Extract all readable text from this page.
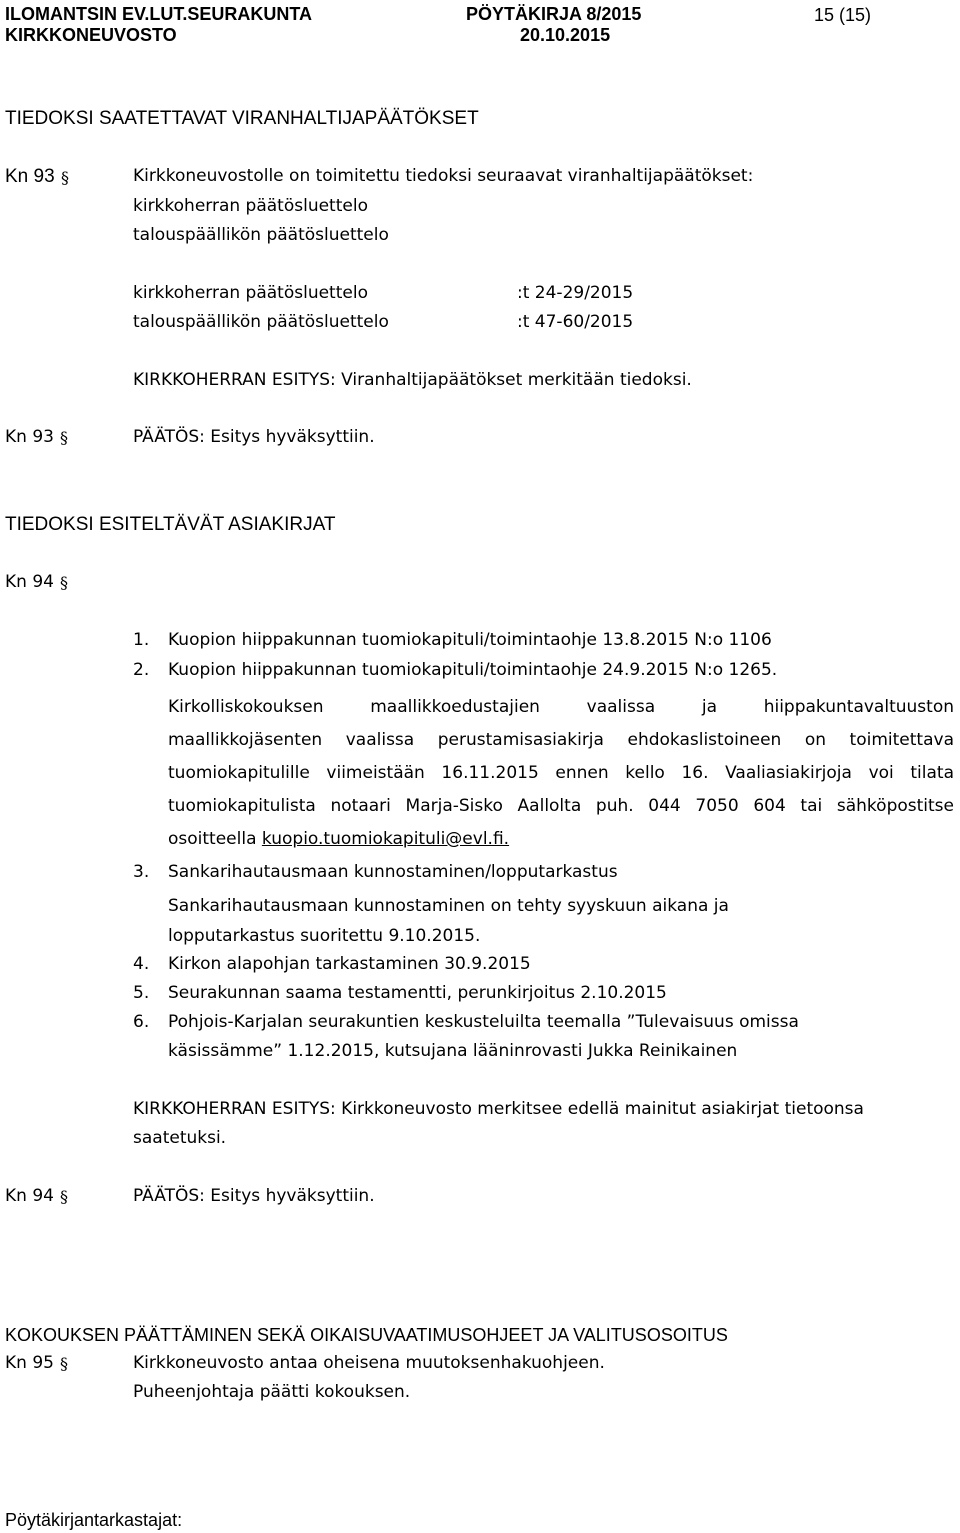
ILOMANTSIN EV.LUT.SEURAKUNTA
KIRKKONEUVOSTO
PÖYTÄKIRJA 8/2015
20.10.2015
15 (15)
TIEDOKSI SAATETTAVAT VIRANHALTIJAPÄÄTÖKSET
Kn 93 §	Kirkkoneuvostolle on toimitettu tiedoksi seuraavat viranhaltijapäätökset:
kirkkoherran päätösluettelo
talouspäällikön päätösluettelo
kirkkoherran päätösluettelo	:t 24-29/2015
talouspäällikön päätösluettelo	:t 47-60/2015
KIRKKOHERRAN ESITYS: Viranhaltijapäätökset merkitään tiedoksi.
Kn 93 §	PÄÄTÖS: Esitys hyväksyttiin.
TIEDOKSI ESITELTÄVÄT ASIAKIRJAT
Kn 94 §
1. Kuopion hiippakunnan tuomiokapituli/toimintaohje 13.8.2015 N:o 1106
2. Kuopion hiippakunnan tuomiokapituli/toimintaohje 24.9.2015 N:o 1265.
Kirkolliskokouksen maallikkoedustajien vaalissa ja hiippakuntavaltuuston
maallikkojäsenten vaalissa perustamisasiakirja ehdokaslistoineen on toimitettava
tuomiokapitulille viimeistään 16.11.2015 ennen kello 16. Vaaliasiakirjoja voi tilata
tuomiokapitulista notaari Marja-Sisko Aallolta puh. 044 7050 604 tai sähköpostitse
osoitteella kuopio.tuomiokapituli@evl.fi.
3. Sankarihautausmaan kunnostaminen/lopputarkastus
Sankarihautausmaan kunnostaminen on tehty syyskuun aikana ja
lopputarkastus suoritettu 9.10.2015.
4. Kirkon alapohjan tarkastaminen 30.9.2015
5. Seurakunnan saama testamentti, perunkirjoitus 2.10.2015
6. Pohjois-Karjalan seurakuntien keskusteluilta teemalla ”Tulevaisuus omissa
käsissämme” 1.12.2015, kutsujana lääninrovasti Jukka Reinikainen
KIRKKOHERRAN ESITYS: Kirkkoneuvosto merkitsee edellä mainitut asiakirjat tietoonsa
saatetuksi.
Kn 94 §	PÄÄTÖS: Esitys hyväksyttiin.
KOKOUKSEN PÄÄTTÄMINEN SEKÄ OIKAISUVAATIMUSOHJEET JA VALITUSOSOITUS
Kn 95 §	Kirkkoneuvosto antaa oheisena muutoksenhakuohjeen.
Puheenjohtaja päätti kokouksen.
Pöytäkirjantarkastajat:
